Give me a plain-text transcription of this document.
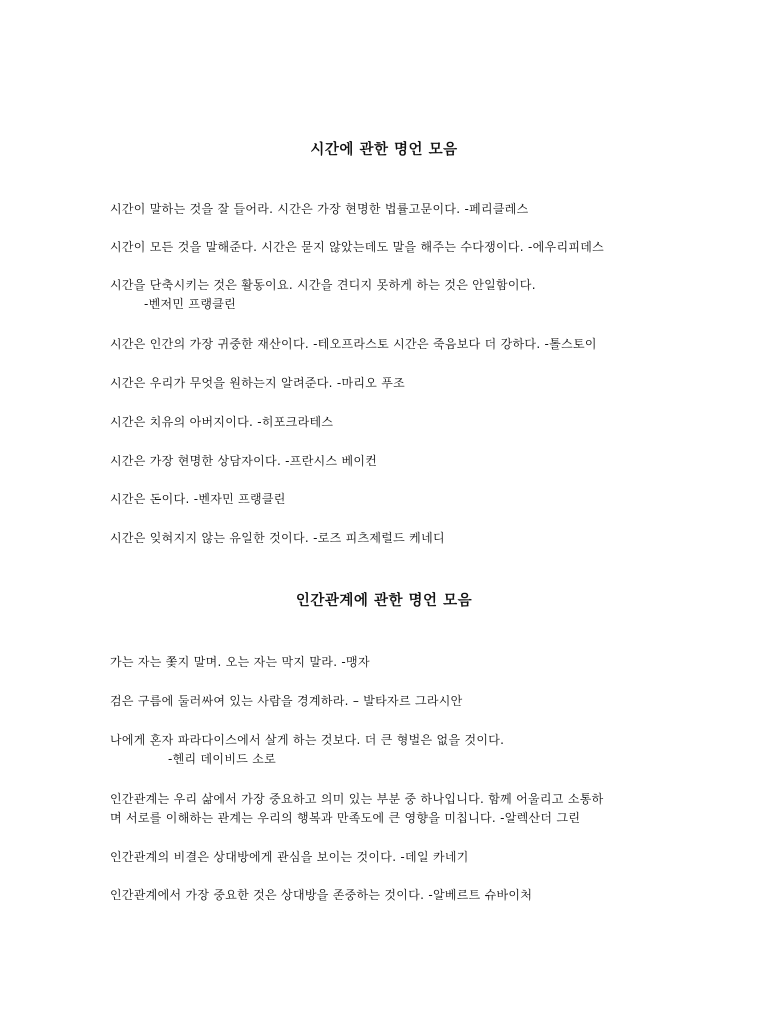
시간에 관한 명언 모음
시간이 말하는 것을 잘 들어라. 시간은 가장 현명한 법률고문이다. -페리클레스
시간이 모든 것을 말해준다. 시간은 묻지 않았는데도 말을 해주는 수다쟁이다. -에우리피데스
시간을 단축시키는 것은 활동이요. 시간을 견디지 못하게 하는 것은 안일함이다.
-벤저민 프랭클린
시간은 인간의 가장 귀중한 재산이다. -테오프라스토 시간은 죽음보다 더 강하다. -톨스토이
시간은 우리가 무엇을 원하는지 알려준다. -마리오 푸조
시간은 치유의 아버지이다. -히포크라테스
시간은 가장 현명한 상담자이다. -프란시스 베이컨
시간은 돈이다. -벤자민 프랭클린
시간은 잊혀지지 않는 유일한 것이다. -로즈 피츠제럴드 케네디
인간관계에 관한 명언 모음
가는 자는 쫓지 말며. 오는 자는 막지 말라. -맹자
검은 구름에 둘러싸여 있는 사람을 경계하라. – 발타자르 그라시안
나에게 혼자 파라다이스에서 살게 하는 것보다. 더 큰 형벌은 없을 것이다.
-헨리 데이비드 소로
인간관계는 우리 삶에서 가장 중요하고 의미 있는 부분 중 하나입니다. 함께 어울리고 소통하
며 서로를 이해하는 관계는 우리의 행복과 만족도에 큰 영향을 미칩니다. -알렉산더 그린
인간관계의 비결은 상대방에게 관심을 보이는 것이다. -데일 카네기
인간관계에서 가장 중요한 것은 상대방을 존중하는 것이다. -알베르트 슈바이처
